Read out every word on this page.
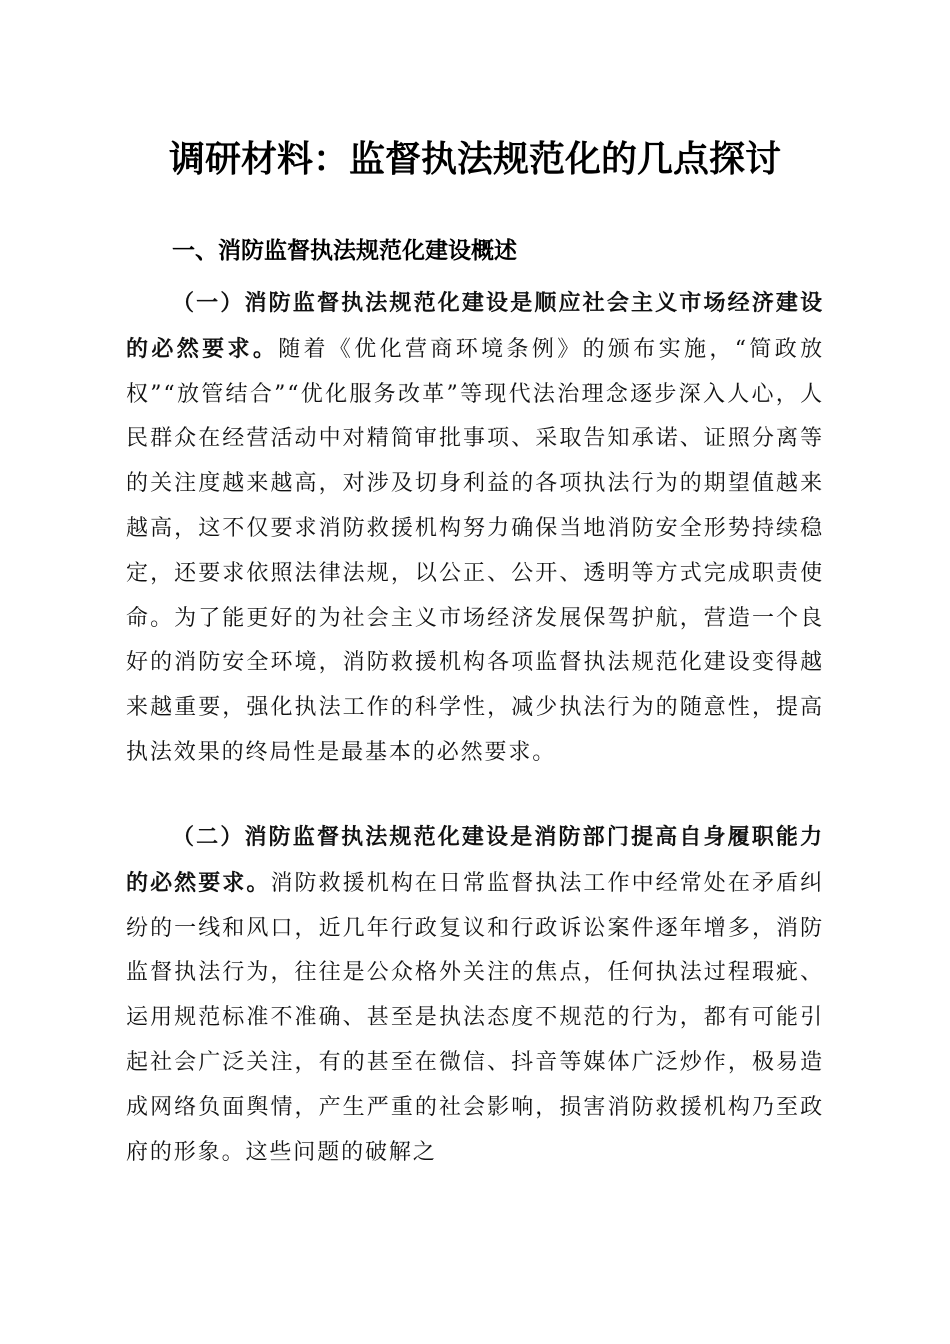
调研材料：监督执法规范化的几点探讨
一、消防监督执法规范化建设概述

（一）消防监督执法规范化建设是顺应社会主义市场经济建设的必然要求。随着《优化营商环境条例》的颁布实施，“简政放权”“放管结合”“优化服务改革”等现代法治理念逐步深入人心，人民群众在经营活动中对精简审批事项、采取告知承诺、证照分离等的关注度越来越高，对涉及切身利益的各项执法行为的期望值越来越高，这不仅要求消防救援机构努力确保当地消防安全形势持续稳定，还要求依照法律法规，以公正、公开、透明等方式完成职责使命。为了能更好的为社会主义市场经济发展保驾护航，营造一个良好的消防安全环境，消防救援机构各项监督执法规范化建设变得越来越重要，强化执法工作的科学性，减少执法行为的随意性，提高执法效果的终局性是最基本的必然要求。

（二）消防监督执法规范化建设是消防部门提高自身履职能力的必然要求。消防救援机构在日常监督执法工作中经常处在矛盾纠纷的一线和风口，近几年行政复议和行政诉讼案件逐年增多，消防监督执法行为，往往是公众格外关注的焦点，任何执法过程瑕疵、运用规范标准不准确、甚至是执法态度不规范的行为，都有可能引起社会广泛关注，有的甚至在微信、抖音等媒体广泛炒作，极易造成网络负面舆情，产生严重的社会影响，损害消防救援机构乃至政府的形象。这些问题的破解之
